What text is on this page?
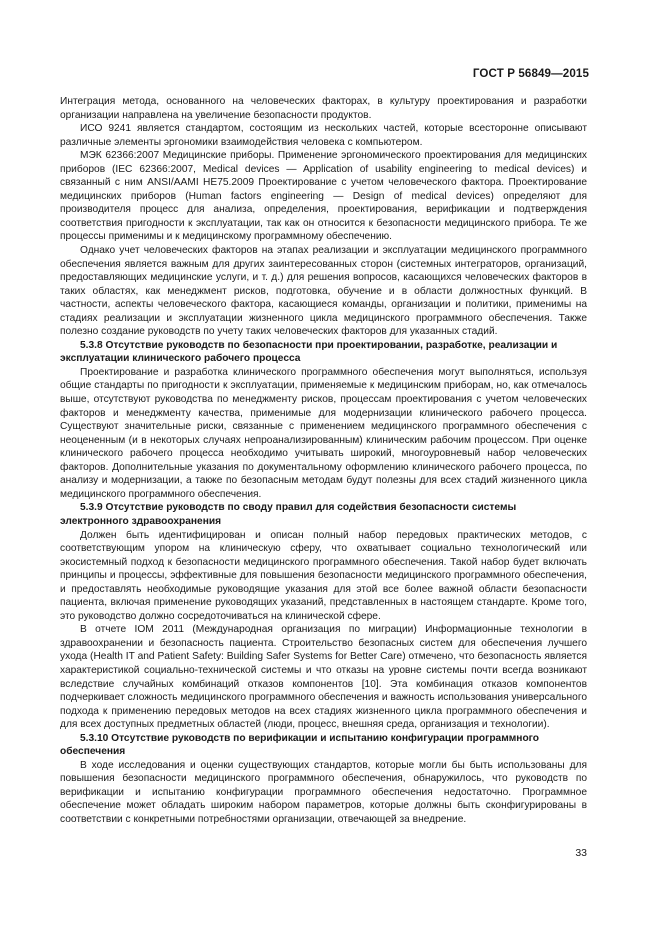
ГОСТ Р 56849—2015

Интеграция метода, основанного на человеческих факторах, в культуру проектирования и разработки организации направлена на увеличение безопасности продуктов.

ИСО 9241 является стандартом, состоящим из нескольких частей, которые всесторонне описывают различные элементы эргономики взаимодействия человека с компьютером.

МЭК 62366:2007 Медицинские приборы. Применение эргономического проектирования для медицинских приборов (IEC 62366:2007, Medical devices — Application of usability engineering to medical devices) и связанный с ним ANSI/AAMI HE75.2009 Проектирование с учетом человеческого фактора. Проектирование медицинских приборов (Human factors engineering — Design of medical devices) определяют для производителя процесс для анализа, определения, проектирования, верификации и подтверждения соответствия пригодности к эксплуатации, так как он относится к безопасности медицинского прибора. Те же процессы применимы и к медицинскому программному обеспечению.

Однако учет человеческих факторов на этапах реализации и эксплуатации медицинского программного обеспечения является важным для других заинтересованных сторон (системных интеграторов, организаций, предоставляющих медицинские услуги, и т. д.) для решения вопросов, касающихся человеческих факторов в таких областях, как менеджмент рисков, подготовка, обучение и в области должностных функций. В частности, аспекты человеческого фактора, касающиеся команды, организации и политики, применимы на стадиях реализации и эксплуатации жизненного цикла медицинского программного обеспечения. Также полезно создание руководств по учету таких человеческих факторов для указанных стадий.

5.3.8 Отсутствие руководств по безопасности при проектировании, разработке, реализации и эксплуатации клинического рабочего процесса

Проектирование и разработка клинического программного обеспечения могут выполняться, используя общие стандарты по пригодности к эксплуатации, применяемые к медицинским приборам, но, как отмечалось выше, отсутствуют руководства по менеджменту рисков, процессам проектирования с учетом человеческих факторов и менеджменту качества, применимые для модернизации клинического рабочего процесса. Существуют значительные риски, связанные с применением медицинского программного обеспечения с неоцененным (и в некоторых случаях непроанализированным) клиническим рабочим процессом. При оценке клинического рабочего процесса необходимо учитывать широкий, многоуровневый набор человеческих факторов. Дополнительные указания по документальному оформлению клинического рабочего процесса, по анализу и модернизации, а также по безопасным методам будут полезны для всех стадий жизненного цикла медицинского программного обеспечения.

5.3.9 Отсутствие руководств по своду правил для содействия безопасности системы электронного здравоохранения

Должен быть идентифицирован и описан полный набор передовых практических методов, с соответствующим упором на клиническую сферу, что охватывает социально технологический или экосистемный подход к безопасности медицинского программного обеспечения. Такой набор будет включать принципы и процессы, эффективные для повышения безопасности медицинского программного обеспечения, и предоставлять необходимые руководящие указания для этой все более важной области безопасности пациента, включая применение руководящих указаний, представленных в настоящем стандарте. Кроме того, это руководство должно сосредоточиваться на клинической сфере.

В отчете IOM 2011 (Международная организация по миграции) Информационные технологии в здравоохранении и безопасность пациента. Строительство безопасных систем для обеспечения лучшего ухода (Health IT and Patient Safety: Building Safer Systems for Better Care) отмечено, что безопасность является характеристикой социально-технической системы и что отказы на уровне системы почти всегда возникают вследствие случайных комбинаций отказов компонентов [10]. Эта комбинация отказов компонентов подчеркивает сложность медицинского программного обеспечения и важность использования универсального подхода к применению передовых методов на всех стадиях жизненного цикла программного обеспечения и для всех доступных предметных областей (люди, процесс, внешняя среда, организация и технологии).

5.3.10 Отсутствие руководств по верификации и испытанию конфигурации программного обеспечения

В ходе исследования и оценки существующих стандартов, которые могли бы быть использованы для повышения безопасности медицинского программного обеспечения, обнаружилось, что руководств по верификации и испытанию конфигурации программного обеспечения недостаточно. Программное обеспечение может обладать широким набором параметров, которые должны быть сконфигурированы в соответствии с конкретными потребностями организации, отвечающей за внедрение.

33
